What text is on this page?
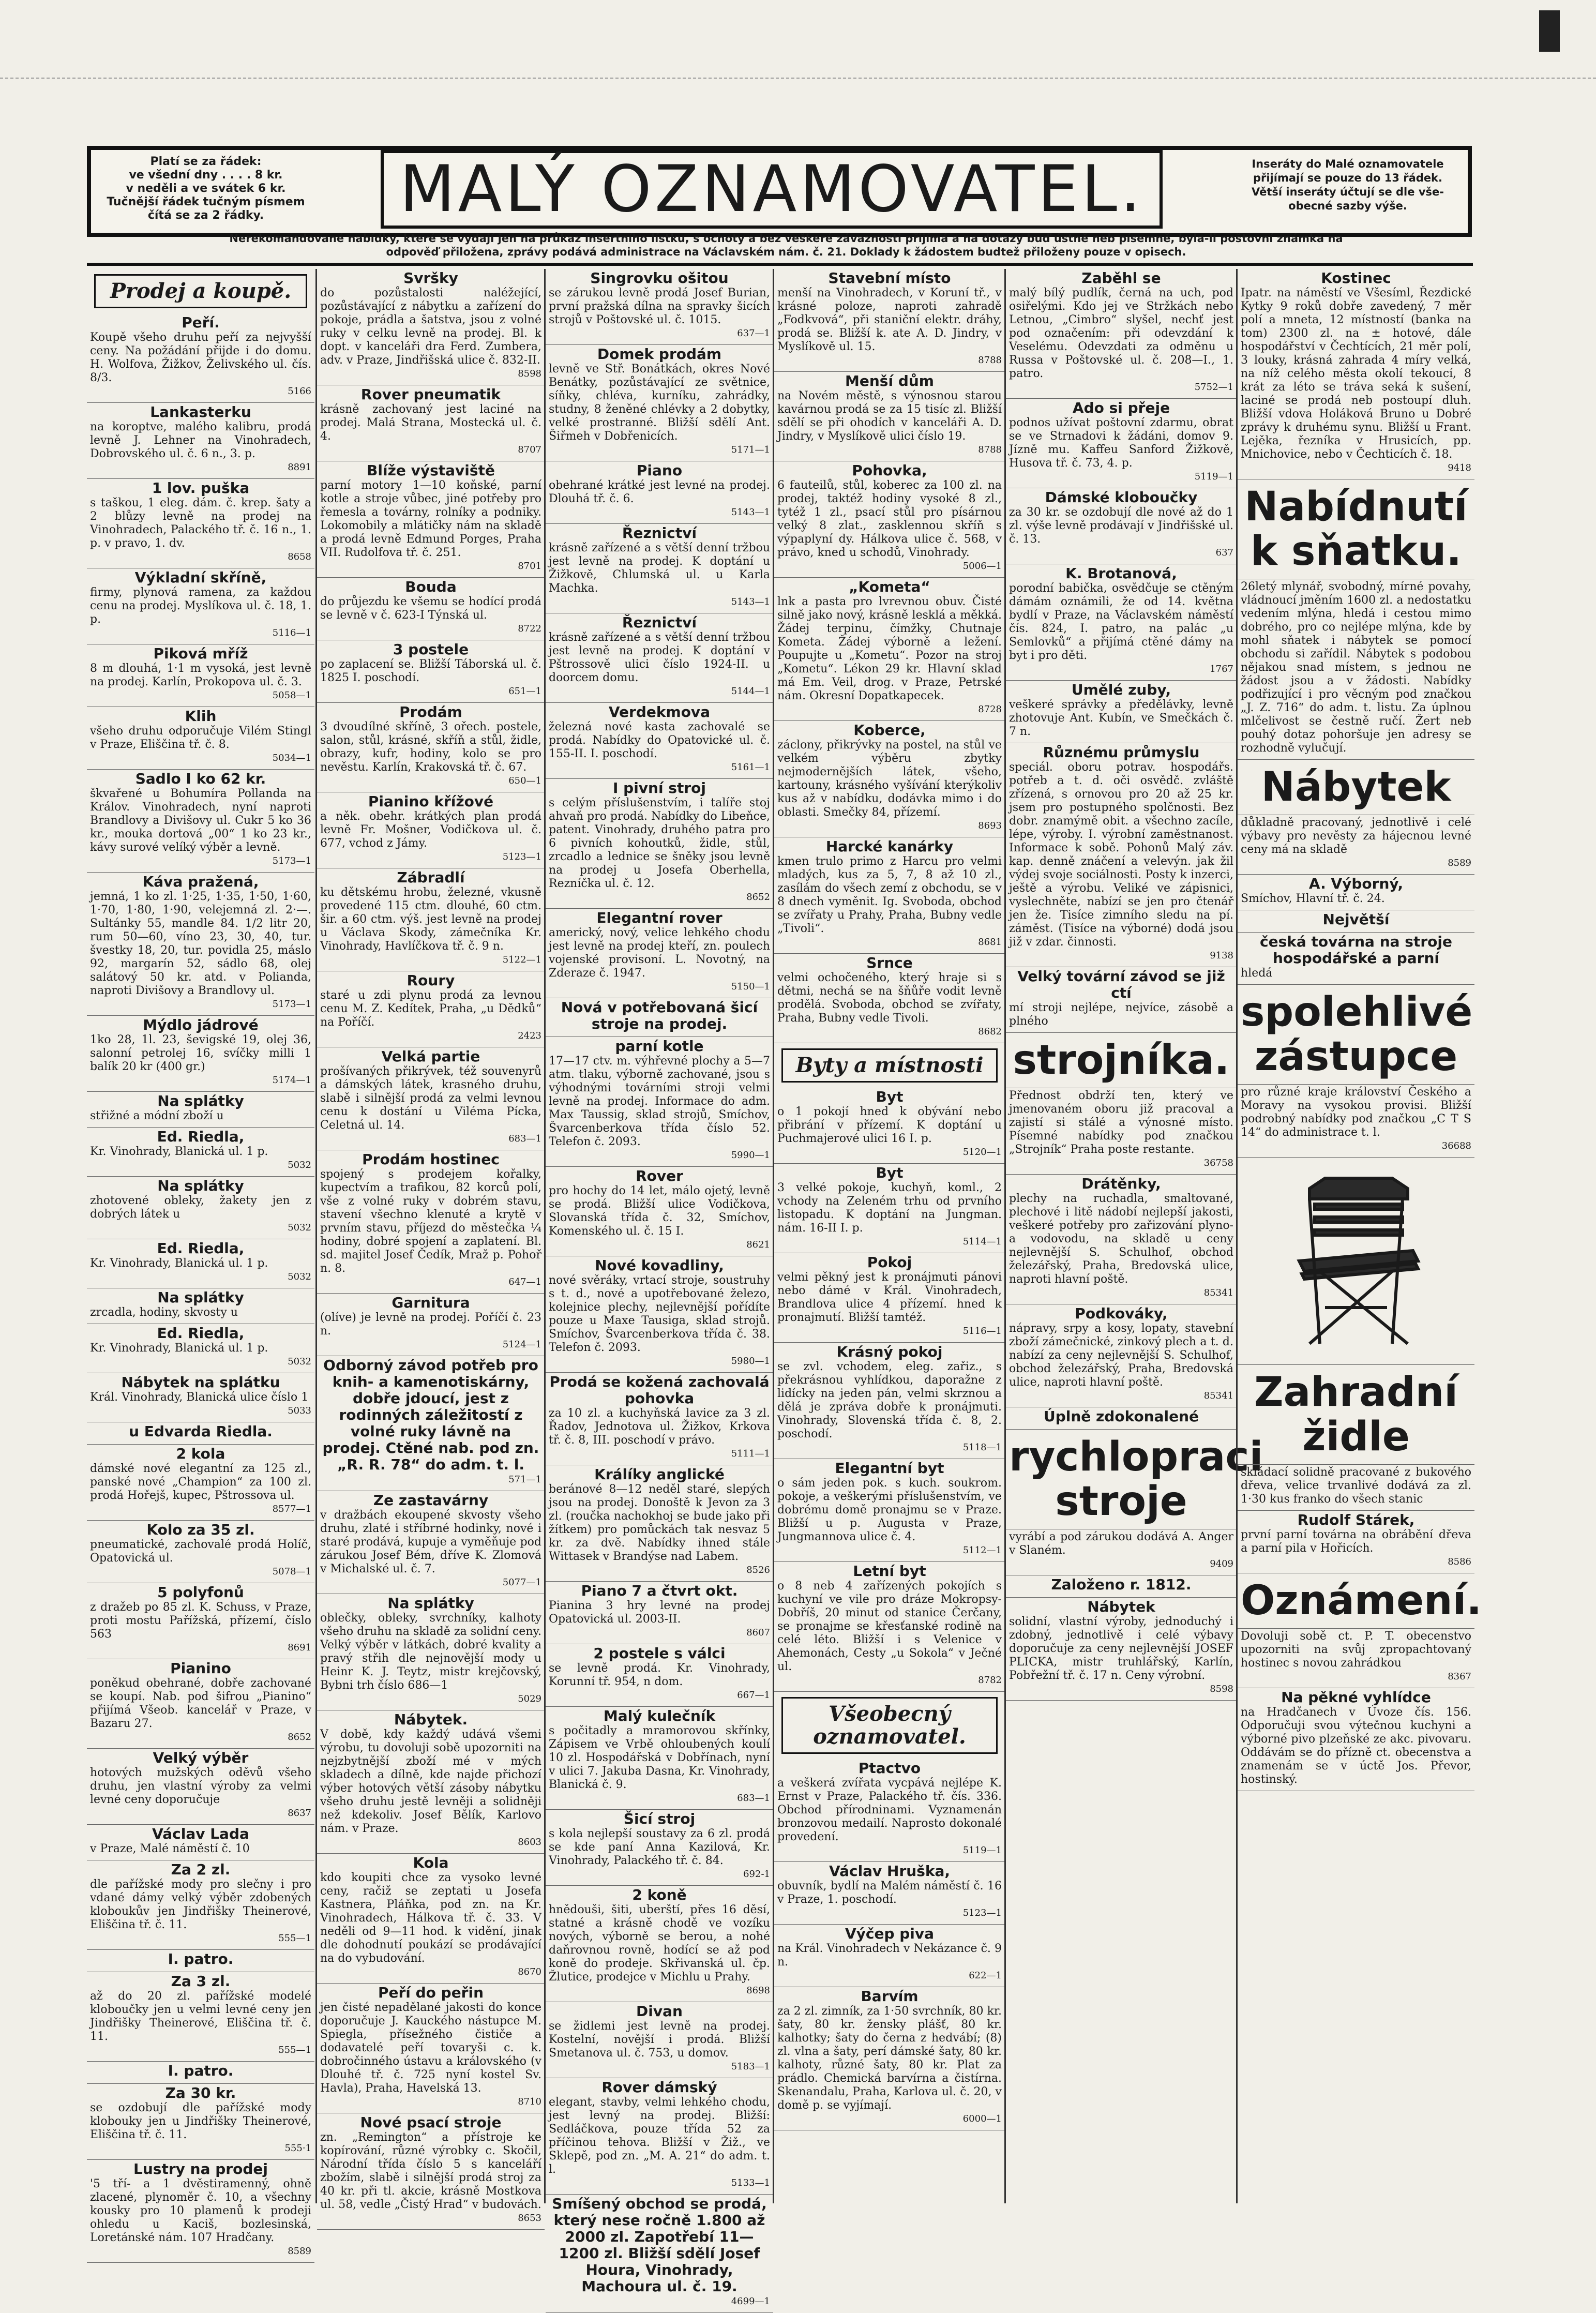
Platí se za řádek:
ve všední dny . . . . 8 kr.
v neděli a ve svátek 6 kr.
Tučnější řádek tučným písmem
čítá se za 2 řádky.	MALÝ OZNAMOVATEL.	Inseráty do Malé oznamovatele
přijímají se pouze do 13 řádek.
Větší inseráty účtují se dle vše-
obecné sazby výše.
Nerekomandované nabídky, které se vydají jen na průkaz insertního lístku, s ochoty a bez veškeré závaznosti přijímá a na dotazy buď ústně neb písemně, byla-li poštovní známka na
odpověď přiložena, zprávy podává administrace na Václavském nám. č. 21. Doklady k žádostem budtež přiloženy pouze v opisech.
Prodej a koupě.
Peří.
Koupě všeho druhu peří za nejvyšší ceny. Na požádání přijde i do domu. H. Wolfova, Žižkov, Želivského ul. čís. 8/3.
5166
Lankasterku
na koroptve, malého kalibru, prodá levně J. Lehner na Vinohradech, Dobrovského ul. č. 6 n., 3. p.
8891
1 lov. puška
s taškou, 1 eleg. dám. č. krep. šaty a 2 blůzy levně na prodej na Vinohradech, Palackého tř. č. 16 n., 1. p. v pravo, 1. dv.
8658
Výkladní skříně,
firmy, plynová ramena, za každou cenu na prodej. Myslíkova ul. č. 18, 1. p.
5116—1
Piková mříž
8 m dlouhá, 1·1 m vysoká, jest levně na prodej. Karlín, Prokopova ul. č. 3.
5058—1
Klih
všeho druhu odporučuje Vilém Stingl v Praze, Eliščina tř. č. 8.
5034—1
Sadlo I ko 62 kr.
škvařené u Bohumíra Pollanda na Králov. Vinohradech, nyní naproti Brandlovy a Divišovy ul. Cukr 5 ko 36 kr., mouka dortová „00“ 1 ko 23 kr., kávy surové velíký výběr a levně.
5173—1
Káva pražená,
jemná, 1 ko zl. 1·25, 1·35, 1·50, 1·60, 1·70, 1·80, 1·90, velejemná zl. 2·—. Sultánky 55, mandle 84. 1/2 litr 20, rum 50—60, víno 23, 30, 40, tur. švestky 18, 20, tur. povidla 25, máslo 92, margarín 52, sádlo 68, olej salátový 50 kr. atd. v Polianda, naproti Divišovy a Brandlovy ul.
5173—1
Mýdlo jádrové
1ko 28, 1l. 23, ševigské 19, olej 36, salonní petrolej 16, svíčky milli 1 balík 20 kr (400 gr.)
5174—1
Na splátky
střižné a módní zboží u
Ed. Riedla,
Kr. Vinohrady, Blanická ul. 1 p.
5032
Na splátky
zhotovené obleky, žakety jen z dobrých látek u
5032
Ed. Riedla,
Kr. Vinohrady, Blanická ul. 1 p.
5032
Na splátky
zrcadla, hodiny, skvosty u
Ed. Riedla,
Kr. Vinohrady, Blanická ul. 1 p.
5032
Nábytek na splátku
Král. Vinohrady, Blanická ulice číslo 1
5033
u Edvarda Riedla.
2 kola
dámské nové elegantní za 125 zl., panské nové „Champion“ za 100 zl. prodá Hořejš, kupec, Pštrossova ul.
8577—1
Kolo za 35 zl.
pneumatické, zachovalé prodá Holíč, Opatovická ul.
5078—1
5 polyfonů
z dražeb po 85 zl. K. Schuss, v Praze, proti mostu Pařížská, přízemí, číslo 563
8691
Pianino
poněkud obehrané, dobře zachované se koupí. Nab. pod šifrou „Pianino“ přijímá Všeob. kancelář v Praze, v Bazaru 27.
8652
Velký výběr
hotových mužských oděvů všeho druhu, jen vlastní výroby za velmi levné ceny doporučuje
8637
Václav Lada
v Praze, Malé náměstí č. 10
Za 2 zl.
dle pařížské mody pro slečny i pro vdané dámy velký výběr zdobených kloboukův jen Jindřišky Theinerové, Eliščina tř. č. 11.
555—1
I. patro.
Za 3 zl.
až do 20 zl. pařížské modelé kloboučky jen u velmi levné ceny jen Jindřišky Theinerové, Eliščina tř. č. 11.
555—1
I. patro.
Za 30 kr.
se ozdobují dle pařížské mody klobouky jen u Jindřišky Theinerové, Eliščina tř. č. 11.
555·1
Lustry na prodej
'5 tří- a 1 dvěstiramenný, ohně zlacené, plynoměr č. 10, a všechny kousky pro 10 plamenů k prodeji ohledu u Kaciš, bozlesinská, Loretánské nám. 107 Hradčany.
8589
Svršky
do pozůstalosti naléžející, pozůstávající z nábytku a zařízení do pokoje, prádla a šatstva, jsou z volné ruky v celku levně na prodej. Bl. k dopt. v kanceláři dra Ferd. Zumbera, adv. v Praze, Jindřišská ulice č. 832-II.
8598
Rover pneumatik
krásně zachovaný jest laciné na prodej. Malá Strana, Mostecká ul. č. 4.
8707
Blíže výstaviště
parní motory 1—10 koňské, parní kotle a stroje vůbec, jiné potřeby pro řemesla a továrny, rolníky a podniky. Lokomobily a mlátičky nám na skladě a prodá levně Edmund Porges, Praha VII. Rudolfova tř. č. 251.
8701
Bouda
do průjezdu ke všemu se hodící prodá se levně v č. 623-I Týnská ul.
8722
3 postele
po zaplacení se. Bližší Táborská ul. č. 1825 I. poschodí.
651—1
Prodám
3 dvoudílné skříně, 3 ořech. postele, salon, stůl, krásné, skříň a stůl, židle, obrazy, kufr, hodiny, kolo se pro nevěstu. Karlín, Krakovská tř. č. 67.
650—1
Pianino křížové
a něk. obehr. krátkých plan prodá levně Fr. Mošner, Vodičkova ul. č. 677, vchod z Jámy.
5123—1
Zábradlí
ku dětskému hrobu, železné, vkusně provedené 115 ctm. dlouhé, 60 ctm. šir. a 60 ctm. výš. jest levně na prodej u Václava Skody, zámečníka Kr. Vinohrady, Havlíčkova tř. č. 9 n.
5122—1
Roury
staré u zdi plynu prodá za levnou cenu M. Z. Kedítek, Praha, „u Dědků“ na Poříčí.
2423
Velká partie
prošívaných přikrývek, též souvenyrů a dámských látek, krasného druhu, slabě i silnější prodá za velmi levnou cenu k dostání u Viléma Pícka, Celetná ul. 14.
683—1
Prodám hostinec
spojený s prodejem kořalky, kupectvím a trafikou, 82 korců polí, vše z volné ruky v dobrém stavu, stavení všechno klenuté a krytě v prvním stavu, příjezd do městečka ¼ hodiny, dobré spojení a zaplatení. Bl. sd. majitel Josef Čedík, Mraž p. Pohoř n. 8.
647—1
Garnitura
(olíve) je levně na prodej. Poříčí č. 23 n.
5124—1
Odborný závod potřeb pro knih- a kamenotiskárny, dobře jdoucí, jest z rodinných záležitostí z volné ruky lávně na prodej. Ctěné nab. pod zn. „R. R. 78“ do adm. t. l.
571—1
Ze zastavárny
v dražbách ekoupené skvosty všeho druhu, zlaté i stříbrné hodinky, nové i staré prodává, kupuje a vyměňuje pod zárukou Josef Bém, dříve K. Zlomová v Michalské ul. č. 7.
5077—1
Na splátky
oblečky, obleky, svrchníky, kalhoty všeho druhu na skladě za solidní ceny. Velký výběr v látkách, dobré kvality a pravý střih dle nejnovější mody u Heinr K. J. Teytz, mistr krejčovský, Bybni trh číslo 686—1
5029
Nábytek.
V době, kdy každý udává všemi výrobu, tu dovoluji sobě upozorniti na nejzbytnější zboží mé v mých skladech a dílně, kde najde přichozí výber hotových větší zásoby nábytku všeho druhu jestě levněji a solidněji než kdekoliv. Josef Bělík, Karlovo nám. v Praze.
8603
Kola
kdo koupiti chce za vysoko levné ceny, račiž se zeptati u Josefa Kastnera, Pláňka, pod zn. na Kr. Vinohradech, Hálkova tř. č. 33. V neděli od 9—11 hod. k vidění, jinak dle dohodnutí poukází se prodávající na do vybudování.
8670
Peří do peřin
jen čisté nepadělané jakosti do konce doporučuje J. Kauckého nástupce M. Spiegla, přísežného čističe a dodavatelé peří tovaryši c. k. dobročinného ústavu a královského (v Dlouhé tř. č. 725 nyní kostel Sv. Havla), Praha, Havelská 13.
8710
Nové psací stroje
zn. „Remington“ a přístroje ke kopírování, různé výrobky c. Skočil, Národní třída číslo 5 s kanceláří zbožím, slabě i silnější prodá stroj za 40 kr. při tl. akcie, krásně Mostkova ul. 58, vedle „Čistý Hrad“ v budovách.
8653
Singrovku ošitou
se zárukou levně prodá Josef Burian, první pražská dílna na spravky šicích strojů v Poštovské ul. č. 1015.
637—1
Domek prodám
levně ve Stř. Bonátkách, okres Nové Benátky, pozůstávající ze světnice, síňky, chléva, kurníku, zahrádky, studny, 8 ženěné chlévky a 2 dobytky, velké prostranné. Bližší sdělí Ant. Šiřmeh v Dobřenicích.
5171—1
Piano
obehrané krátké jest levné na prodej. Dlouhá tř. č. 6.
5143—1
Řeznictví
krásně zařízené a s větší denní tržbou jest levně na prodej. K doptání u Žižkově, Chlumská ul. u Karla Machka.
5143—1
Řeznictví
krásně zařízené a s větší denní tržbou jest levně na prodej. K doptání v Pštrossově ulici číslo 1924-II. u doorcem domu.
5144—1
Verdekmova
železná nové kasta zachovalé se prodá. Nabídky do Opatovické ul. č. 155-II. I. poschodí.
5161—1
I pivní stroj
s celým příslušenstvím, i talíře stoj ahvaň pro prodá. Nabídky do Libeňce, patent. Vinohrady, druhého patra pro 6 pivních kohoutků, židle, stůl, zrcadlo a lednice se šněky jsou levně na prodej u Josefa Oberhella, Rezníčka ul. č. 12.
8652
Elegantní rover
americký, nový, velice lehkého chodu jest levně na prodej kteří, zn. poulech vojenské provisoní. L. Novotný, na Zderaze č. 1947.
5150—1
Nová v potřebovaná šicí stroje na prodej.
parní kotle
17—17 ctv. m. výhřevné plochy a 5—7 atm. tlaku, výborně zachované, jsou s výhodnými továrními stroji velmi levně na prodej. Informace do adm. Max Taussig, sklad strojů, Smíchov, Švarcenberkova třída číslo 52. Telefon č. 2093.
5990—1
Rover
pro hochy do 14 let, málo ojetý, levně se prodá. Bližší ulice Vodičkova, Slovanská třída č. 32, Smíchov, Komenského ul. č. 15 I.
8621
Nové kovadliny,
nové svěráky, vrtací stroje, soustruhy s t. d., nové a upotřebované železo, kolejnice plechy, nejlevnější pořídíte pouze u Maxe Tausiga, sklad strojů. Smíchov, Švarcenberkova třída č. 38. Telefon č. 2093.
5980—1
Prodá se kožená zachovalá pohovka
za 10 zl. a kuchyňská lavice za 3 zl. Řadov, Jednotova ul. Žižkov, Krkova tř. č. 8, III. poschodí v právo.
5111—1
Králíky anglické
beránové 8—12 neděl staré, slepých jsou na prodej. Donoště k Jevon za 3 zl. (roučka nachokhoj se bude jako při žítkem) pro pomůckách tak nesvaz 5 kr. za dvě. Nabídky ihned stále Wittasek v Brandýse nad Labem.
8526
Piano 7 a čtvrt okt.
Pianina 3 hry levné na prodej Opatovická ul. 2003-II.
8607
2 postele s válci
se levně prodá. Kr. Vinohrady, Korunní tř. 954, n dom.
667—1
Malý kulečník
s počitadly a mramorovou skřínky, Zápisem ve Vrbě ohloubených koulí 10 zl. Hospodářská v Dobřínach, nyní v ulici 7. Jakuba Dasna, Kr. Vinohrady, Blanická č. 9.
683—1
Šicí stroj
s kola nejlepší soustavy za 6 zl. prodá se kde paní Anna Kazilová, Kr. Vinohrady, Palackého tř. č. 84.
692-1
2 koně
hnědouši, šiti, uberští, přes 16 děsí, statné a krásně chodě ve vozíku nových, výborně se berou, a nohé daňrovnou rovně, hodící se až pod koně do prodeje. Skřivanská ul. čp. Žlutice, prodejce v Michlu u Prahy.
8698
Divan
se židlemi jest levně na prodej. Kostelní, novější i prodá. Bližší Smetanova ul. č. 753, u domov.
5183—1
Rover dámský
elegant, stavby, velmi lehkého chodu, jest levný na prodej. Bližší: Sedláčkova, pouze třída 52 za příčinou tehova. Bližší v Žiž., ve Sklepě, pod zn. „M. A. 21“ do adm. t. l.
5133—1
Smíšený obchod se prodá, který nese ročně 1.800 až 2000 zl. Zapotřebí 11—1200 zl. Bližší sdělí Josef Houra, Vinohrady, Machoura ul. č. 19.
4699—1
Stavební místo
menší na Vinohradech, v Koruní tř., v krásné poloze, naproti zahradě „Fodkvová“, při staniční elektr. dráhy, prodá se. Bližší k. ate A. D. Jindry, v Myslíkově ul. 15.
8788
Menší dům
na Novém městě, s výnosnou starou kavárnou prodá se za 15 tisíc zl. Bližší sdělí se při ohodích v kanceláři A. D. Jindry, v Myslíkově ulici číslo 19.
8788
Pohovka,
6 fauteilů, stůl, koberec za 100 zl. na prodej, taktéž hodiny vysoké 8 zl., tytéž 1 zl., psací stůl pro písárnou velký 8 zlat., zasklennou skříň s výpaplyní dy. Hálkova ulice č. 568, v právo, kned u schodů, Vinohrady.
5006—1
„Kometa“
lnk a pasta pro lvrevnou obuv. Čisté silně jako nový, krásně lesklá a měkká. Žádej terpinu, čímžky, Chutnaje Kometa. Žádej výborně a ležení. Poupujte u „Kometu“. Pozor na stroj „Kometu“. Lékon 29 kr. Hlavní sklad má Em. Veil, drog. v Praze, Petrské nám. Okresní Dopatkapecek.
8728
Koberce,
záclony, přikrývky na postel, na stůl ve velkém výběru zbytky nejmodernějších látek, všeho, kartouny, krásného vyšívání kterýkoliv kus až v nabídku, dodávka mimo i do oblasti. Smečky 84, přízemí.
8693
Harcké kanárky
kmen trulo primo z Harcu pro velmi mladých, kus za 5, 7, 8 až 10 zl., zasílám do všech zemí z obchodu, se v 8 dnech vyměnit. Ig. Svoboda, obchod se zvířaty u Prahy, Praha, Bubny vedle „Tivoli“.
8681
Srnce
velmi ochočeného, který hraje si s dětmi, nechá se na šňůře vodit levně prodělá. Svoboda, obchod se zvířaty, Praha, Bubny vedle Tivoli.
8682
Byty a místnosti
Byt
o 1 pokojí hned k obývání nebo přibrání v přízemí. K doptání u Puchmajerové ulici 16 I. p.
5120—1
Byt
3 velké pokoje, kuchyň, koml., 2 vchody na Zeleném trhu od prvního listopadu. K doptání na Jungman. nám. 16-II I. p.
5114—1
Pokoj
velmi pěkný jest k pronájmuti pánovi nebo dámé v Král. Vinohradech, Brandlova ulice 4 přízemí. hned k pronajmutí. Bližší tamtéž.
5116—1
Krásný pokoj
se zvl. vchodem, eleg. zařiz., s překrásnou vyhlídkou, daporažne z lidícky na jeden pán, velmi skrznou a dělá je zpráva dobře k pronájmuti. Vinohrady, Slovenská třída č. 8, 2. poschodí.
5118—1
Elegantní byt
o sám jeden pok. s kuch. soukrom. pokoje, a veškerými příslušenstvím, ve dobrému domě pronajmu se v Praze. Bližší u p. Augusta v Praze, Jungmannova ulice č. 4.
5112—1
Letní byt
o 8 neb 4 zařízených pokojích s kuchyní ve vile pro dráze Mokropsy-Dobříš, 20 minut od stanice Čerčany, se pronajme se křesťanské rodině na celé léto. Bližší i s Velenice v Ahemonách, Cesty „u Sokola“ v Ječné ul.
8782
Všeobecný oznamovatel.
Ptactvo
a veškerá zvířata vycpává nejlépe K. Ernst v Praze, Palackého tř. čís. 336. Obchod přírodninami. Vyznamenán bronzovou medailí. Naprosto dokonalé provedení.
5119—1
Václav Hruška,
obuvník, bydlí na Malém náměstí č. 16 v Praze, 1. poschodí.
5123—1
Výčep piva
na Král. Vinohradech v Nekázance č. 9 n.
622—1
Barvím
za 2 zl. zimník, za 1·50 svrchník, 80 kr. šaty, 80 kr. žensky plášť, 80 kr. kalhotky; šaty do černa z hedvábí; (8) zl. vlna a šaty, perí dámské šaty, 80 kr. kalhoty, různé šaty, 80 kr. Plat za prádlo. Chemická barvírna a čistírna. Skenandalu, Praha, Karlova ul. č. 20, v domě p. se vyjímají.
6000—1
Zaběhl se
malý bílý pudlík, černá na uch, pod osiřelými. Kdo jej ve Stržkách nebo Letnou, „Cimbro“ slyšel, nechť jest pod označením: při odevzdání k Veselému. Odevzdati za odměnu u Russa v Poštovské ul. č. 208—I., 1. patro.
5752—1
Ado si přeje
podnos užívat poštovní zdarmu, obrat se ve Strnadovi k žádáni, domov 9. Jízně mu. Kaffeu Sanford Žižkově, Husova tř. č. 73, 4. p.
5119—1
Dámské kloboučky
za 30 kr. se ozdobují dle nové až do 1 zl. výše levně prodávají v Jindřišské ul. č. 13.
637
K. Brotanová,
porodní babička, osvědčuje se ctěným dámám oznámili, že od 14. května bydlí v Praze, na Václavském náměstí čís. 824, I. patro, na palác „u Semlovků“ a přijímá ctěné dámy na byt i pro děti.
1767
Umělé zuby,
veškeré správky a předělávky, levně zhotovuje Ant. Kubín, ve Smečkách č. 7 n.
Různému průmyslu
speciál. oboru potrav. hospodářs. potřeb a t. d. oči osvědč. zvláště zřízená, s ornovou pro 20 až 25 kr. jsem pro postupného spolčnosti. Bez dobr. znamýmě obit. a všechno zacíle, lépe, výroby. I. výrobní zaměstnanost. Informace k sobě. Pohonů Malý záv. kap. denně znáčení a velevýn. jak žil výdej svoje sociálnosti. Posty k inzerci, ještě a výrobu. Veliké ve zápisnici, vyslechněte, nabízí se jen pro čtenář jen že. Tisíce zimního sledu na pí. záměst. (Tisíce na výborné) dodá jsou již v zdar. činnosti.
9138
Velký tovární závod se již ctí
mí stroji nejlépe, nejvíce, zásobě a plného
strojníka.
Přednost obdrží ten, který ve jmenovaném oboru již pracoval a zajistí si stálé a výnosné místo. Písemné nabídky pod značkou „Strojník“ Praha poste restante.
36758
Drátěnky,
plechy na ruchadla, smaltované, plechové i litě nádobí nejlepší jakosti, veškeré potřeby pro zařizování plyno- a vodovodu, na skladě u ceny nejlevnější S. Schulhof, obchod železářský, Praha, Bredovská ulice, naproti hlavní poště.
85341
Podkováky,
nápravy, srpy a kosy, lopaty, stavební zboží zámečnické, zinkový plech a t. d. nabízí za ceny nejlevnější S. Schulhof, obchod železářský, Praha, Bredovská ulice, naproti hlavní poště.
85341
Úplně zdokonalené
rychlopraci stroje
vyrábí a pod zárukou dodává A. Anger v Slaném.
9409
Založeno r. 1812.
Nábytek
solidní, vlastní výroby, jednoduchý i zdobný, jednotlivě i celé výbavy doporučuje za ceny nejlevnější JOSEF PLICKA, mistr truhlářský, Karlín, Pobřežní tř. č. 17 n. Ceny výrobní.
8598
Kostinec
Ipatr. na náměstí ve Všesíml, Řezdické Kytky 9 roků dobře zavedený, 7 měr polí a mneta, 12 místností (banka na tom) 2300 zl. na ± hotové, dále hospodářství v Čechtících, 21 měr polí, 3 louky, krásná zahrada 4 míry velká, na níž celého města okolí tekoucí, 8 krát za léto se tráva seká k sušení, laciné se prodá neb postoupí dluh. Bližší vdova Holáková Bruno u Dobré zprávy k druhému synu. Bližší u Frant. Lejěka, řezníka v Hrusicích, pp. Mnichovice, nebo v Čechticích č. 18.
9418
Nabídnutí k sňatku.
26letý mlynář, svobodný, mírné povahy, vládnoucí jměním 1600 zl. a nedostatku vedením mlýna, hledá i cestou mimo dobrého, pro co nejlépe mlýna, kde by mohl sňatek i nábytek se pomocí obchodu si zařídil. Nábytek s podobou nějakou snad místem, s jednou ne žádost jsou a v žádosti. Nabídky podřizující i pro věcným pod značkou „J. Z. 716“ do adm. t. listu. Za úplnou mlčelivost se čestně ručí. Žert neb pouhý dotaz pohoršuje jen adresy se rozhodně vylučují.
Nábytek
důkladně pracovaný, jednotlivě i celé výbavy pro nevěsty za hájecnou levné ceny má na skladě
8589
A. Výborný,
Smíchov, Hlavní tř. č. 24.
Největší
česká továrna na stroje hospodářské a parní
hledá
spolehlivé zástupce
pro různé kraje království Českého a Moravy na vysokou provisi. Bližší podrobný nabídky pod značkou „C T S 14“ do administrace t. l.
36688
Zahradní židle
skládací solidně pracované z bukového dřeva, velice trvanlivé dodává za zl. 1·30 kus franko do všech stanic
Rudolf Stárek,
první parní továrna na obrábění dřeva a parní pila v Hořicích.
8586
Oznámení.
Dovoluji sobě ct. P. T. obecenstvo upozorniti na svůj zpropachtovaný hostinec s novou zahrádkou
8367
Na pěkné vyhlídce
na Hradčanech v Úvoze čís. 156. Odporučuji svou výtečnou kuchyni a výborné pivo plzeňské ze akc. pivovaru. Oddávám se do přízně ct. obecenstva a znamenám se v úctě Jos. Převor, hostinský.
